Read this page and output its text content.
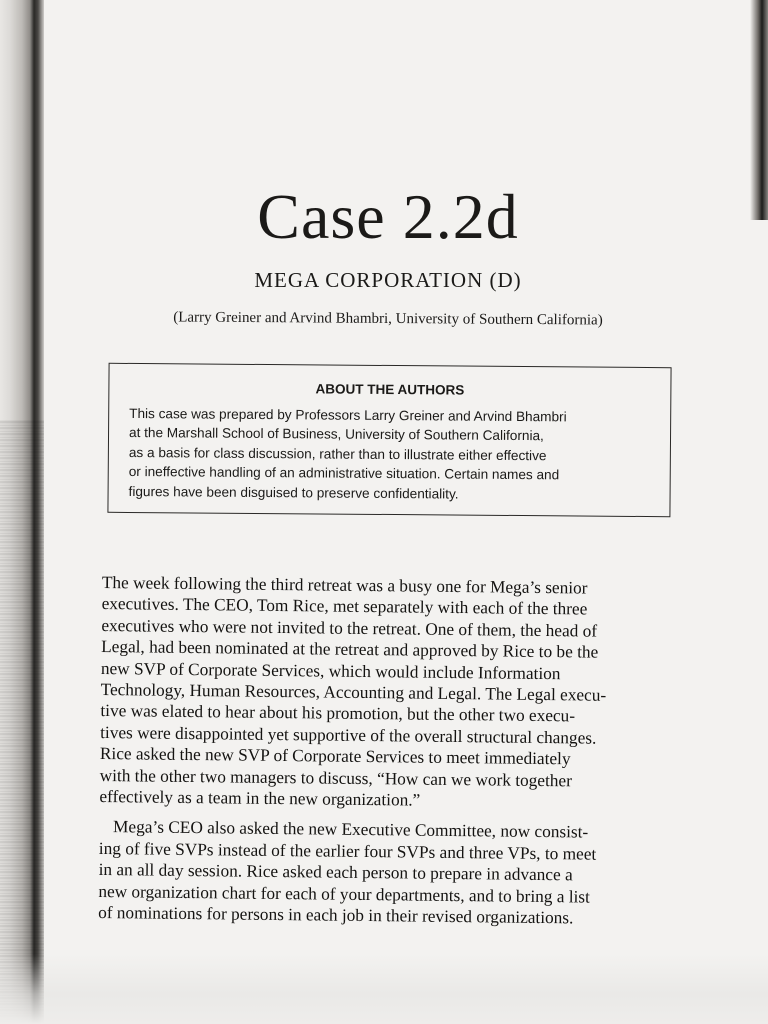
Case 2.2d
MEGA CORPORATION (D)
(Larry Greiner and Arvind Bhambri, University of Southern California)
ABOUT THE AUTHORS
This case was prepared by Professors Larry Greiner and Arvind Bhambri
at the Marshall School of Business, University of Southern California,
as a basis for class discussion, rather than to illustrate either effective
or ineffective handling of an administrative situation. Certain names and
figures have been disguised to preserve confidentiality.
The week following the third retreat was a busy one for Mega’s senior
executives. The CEO, Tom Rice, met separately with each of the three
executives who were not invited to the retreat. One of them, the head of
Legal, had been nominated at the retreat and approved by Rice to be the
new SVP of Corporate Services, which would include Information
Technology, Human Resources, Accounting and Legal. The Legal execu-
tive was elated to hear about his promotion, but the other two execu-
tives were disappointed yet supportive of the overall structural changes.
Rice asked the new SVP of Corporate Services to meet immediately
with the other two managers to discuss, “How can we work together
effectively as a team in the new organization.”
Mega’s CEO also asked the new Executive Committee, now consist-
ing of five SVPs instead of the earlier four SVPs and three VPs, to meet
in an all day session. Rice asked each person to prepare in advance a
new organization chart for each of your departments, and to bring a list
of nominations for persons in each job in their revised organizations.
